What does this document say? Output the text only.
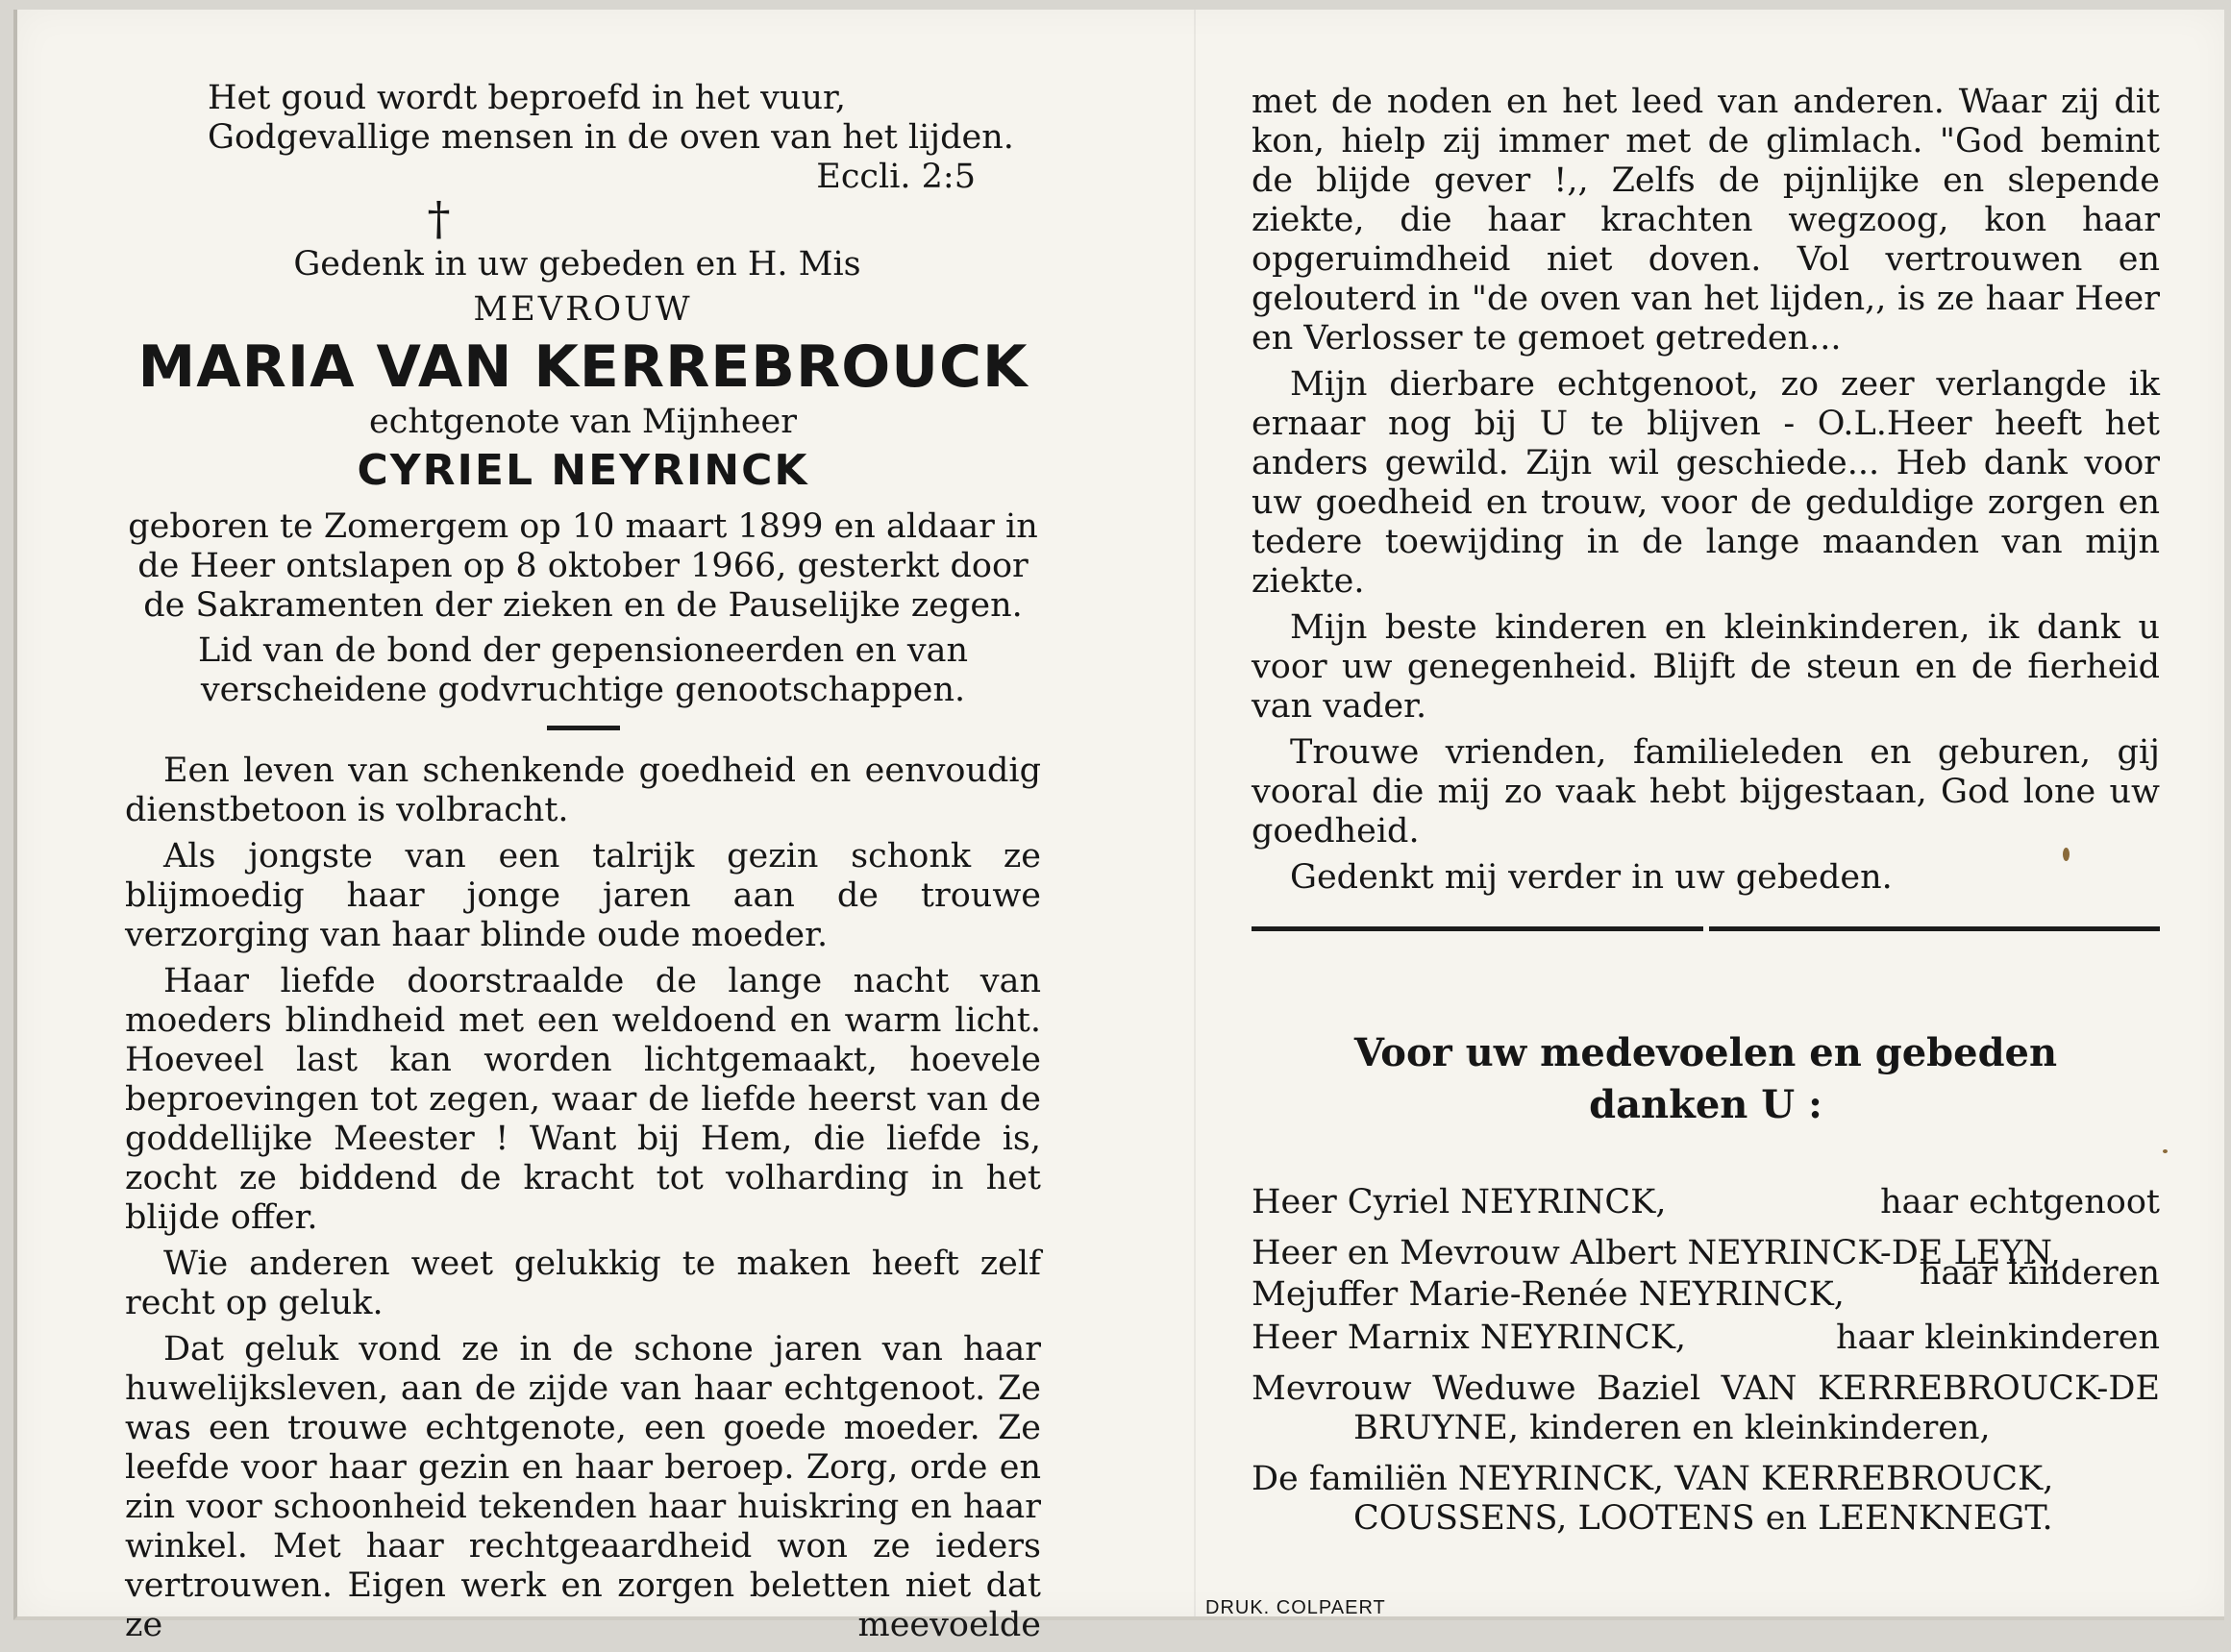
Het goud wordt beproefd in het vuur,

Godgevallige mensen in de oven van het lijden.

Eccli. 2:5

†

Gedenk in uw gebeden en H. Mis

MEVROUW

MARIA VAN KERREBROUCK

echtgenote van Mijnheer

CYRIEL NEYRINCK

geboren te Zomergem op 10 maart 1899 en aldaar in

de Heer ontslapen op 8 oktober 1966, gesterkt door

de Sakramenten der zieken en de Pauselijke zegen.

Lid van de bond der gepensioneerden en van

verscheidene godvruchtige genootschappen.

Een leven van schenkende goedheid en eenvoudig dienstbetoon is volbracht.

Als jongste van een talrijk gezin schonk ze blijmoedig haar jonge jaren aan de trouwe verzorging van haar blinde oude moeder.

Haar liefde doorstraalde de lange nacht van moeders blindheid met een weldoend en warm licht. Hoeveel last kan worden lichtgemaakt, hoevele beproevingen tot zegen, waar de liefde heerst van de goddellijke Meester ! Want bij Hem, die liefde is, zocht ze biddend de kracht tot volharding in het blijde offer.

Wie anderen weet gelukkig te maken heeft zelf recht op geluk.

Dat geluk vond ze in de schone jaren van haar huwelijksleven, aan de zijde van haar echtgenoot. Ze was een trouwe echtgenote, een goede moeder. Ze leefde voor haar gezin en haar beroep. Zorg, orde en zin voor schoonheid tekenden haar huiskring en haar winkel. Met haar rechtgeaardheid won ze ieders vertrouwen. Eigen werk en zorgen beletten niet dat ze meevoelde

met de noden en het leed van anderen. Waar zij dit kon, hielp zij immer met de glimlach. "God bemint de blijde gever !,, Zelfs de pijnlijke en slepende ziekte, die haar krachten wegzoog, kon haar opgeruimdheid niet doven. Vol vertrouwen en gelouterd in "de oven van het lijden,, is ze haar Heer en Verlosser te gemoet getreden...

Mijn dierbare echtgenoot, zo zeer verlangde ik ernaar nog bij U te blijven - O.L.Heer heeft het anders gewild. Zijn wil geschiede... Heb dank voor uw goedheid en trouw, voor de geduldige zorgen en tedere toewijding in de lange maanden van mijn ziekte.

Mijn beste kinderen en kleinkinderen, ik dank u voor uw genegenheid. Blijft de steun en de fierheid van vader.

Trouwe vrienden, familieleden en geburen, gij vooral die mij zo vaak hebt bijgestaan, God lone uw goedheid.

Gedenkt mij verder in uw gebeden.

Voor uw medevoelen en gebeden

danken U :

Heer Cyriel NEYRINCK,	haar echtgenoot
Heer en Mevrouw Albert NEYRINCK-DE LEYN,
Mejuffer Marie-Renée NEYRINCK,
haar kinderen
Heer Marnix NEYRINCK,	haar kleinkinderen

Mevrouw Weduwe Baziel VAN KERREBROUCK-DE

BRUYNE, kinderen en kleinkinderen,

De familiën NEYRINCK, VAN KERREBROUCK,

COUSSENS, LOOTENS en LEENKNEGT.

DRUK. COLPAERT
